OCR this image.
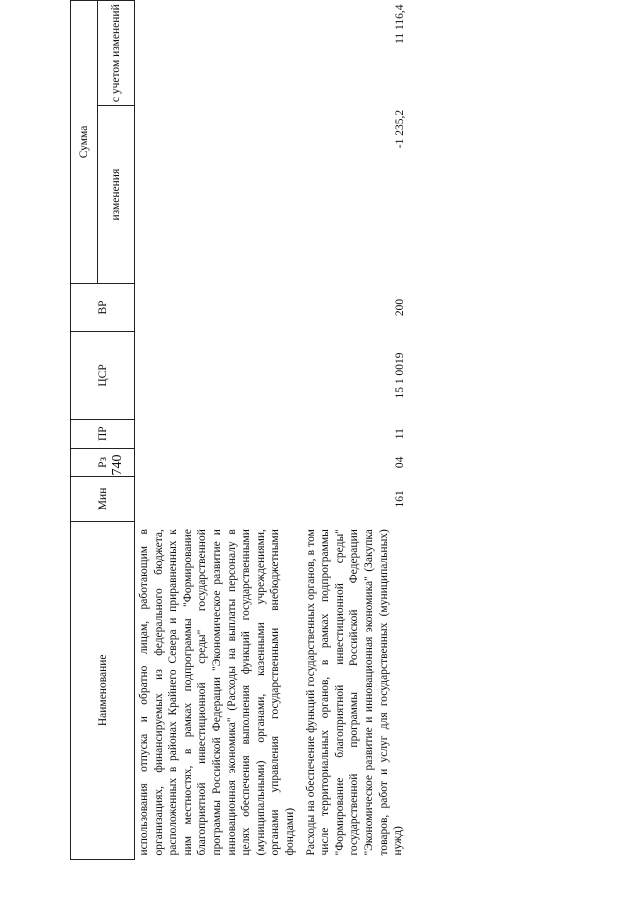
740
Наименование	Мин	Рз	ПР	ЦСР	ВР	Сумма	
						изменения	с учетом изменений
использования отпуска и обратно лицам, работающим в организациях, финансируемых из федерального бюджета, расположенных в районах Крайнего Севера и приравненных к ним местностях, в рамках подпрограммы "Формирование благоприятной инвестиционной среды" государственной программы Российской Федерации "Экономическое развитие и инновационная экономика" (Расходы на выплаты персоналу в целях обеспечения выполнения функций государственными (муниципальными) органами, казенными учреждениями, органами управления государственными внебюджетными фондами)							
Расходы на обеспечение функций государственных органов, в том числе территориальных органов, в рамках подпрограммы "Формирование благоприятной инвестиционной среды" государственной программы Российской Федерации "Экономическое развитие и инновационная экономика" (Закупка товаров, работ и услуг для государственных (муниципальных) нужд)	161	04	11	15 1 0019	200	-1 235,2	11 116,4
